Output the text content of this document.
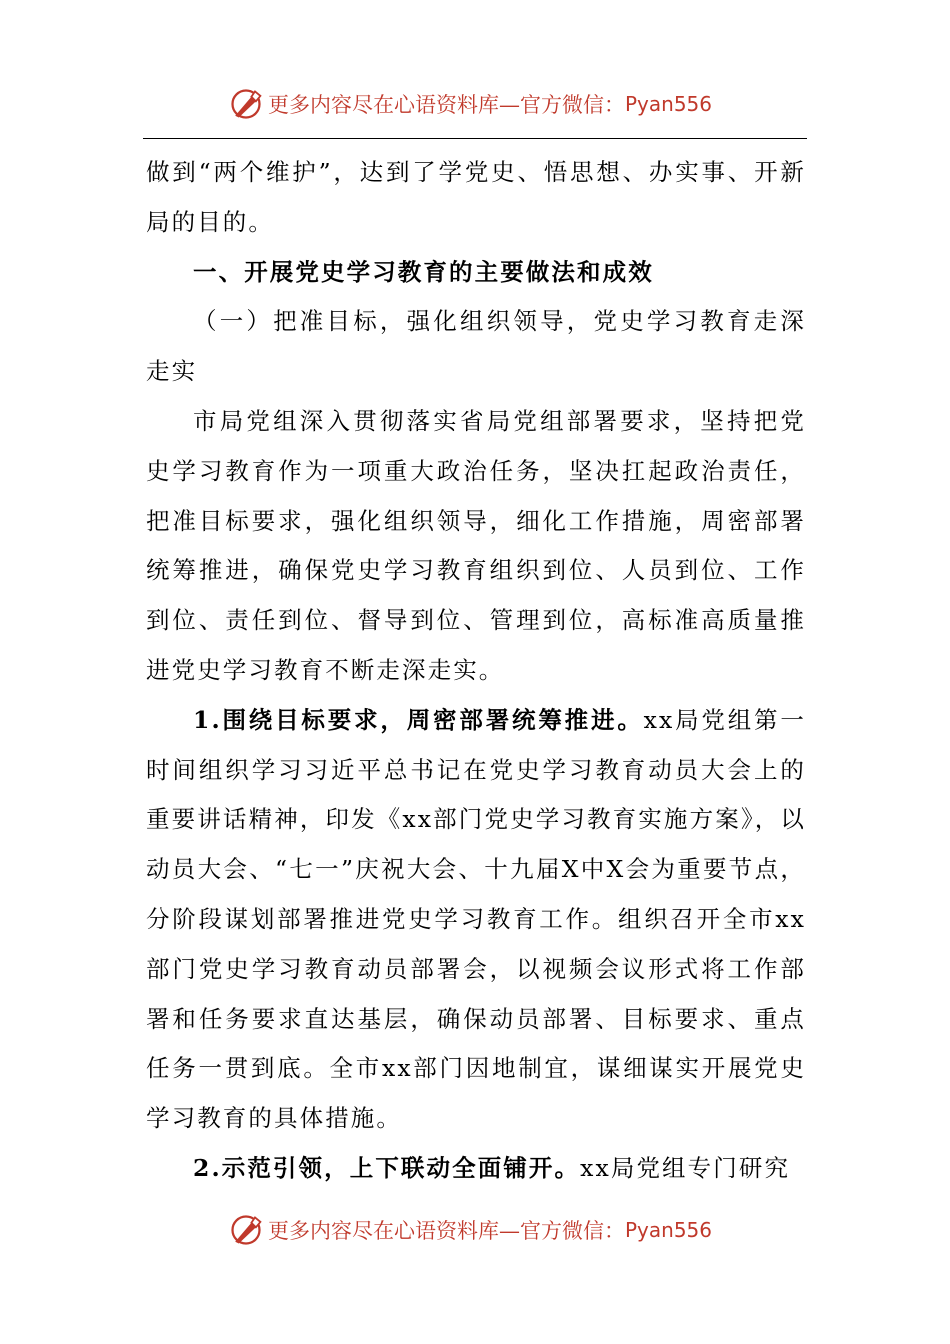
更多内容尽在心语资料库—官方微信： Pyan556

做到“两个维护”，达到了学党史、悟思想、办实事、开新局的目的。

一、开展党史学习教育的主要做法和成效

（一）把准目标，强化组织领导，党史学习教育走深走实

市局党组深入贯彻落实省局党组部署要求，坚持把党史学习教育作为一项重大政治任务，坚决扛起政治责任，把准目标要求，强化组织领导，细化工作措施，周密部署统筹推进，确保党史学习教育组织到位、人员到位、工作到位、责任到位、督导到位、管理到位，高标准高质量推进党史学习教育不断走深走实。

1.围绕目标要求，周密部署统筹推进。xx局党组第一时间组织学习习近平总书记在党史学习教育动员大会上的重要讲话精神，印发《xx部门党史学习教育实施方案》，以动员大会、“七一”庆祝大会、十九届X中X会为重要节点，分阶段谋划部署推进党史学习教育工作。组织召开全市xx部门党史学习教育动员部署会，以视频会议形式将工作部署和任务要求直达基层，确保动员部署、目标要求、重点任务一贯到底。全市xx部门因地制宜，谋细谋实开展党史学习教育的具体措施。

2.示范引领，上下联动全面铺开。xx局党组专门研究

更多内容尽在心语资料库—官方微信： Pyan556
